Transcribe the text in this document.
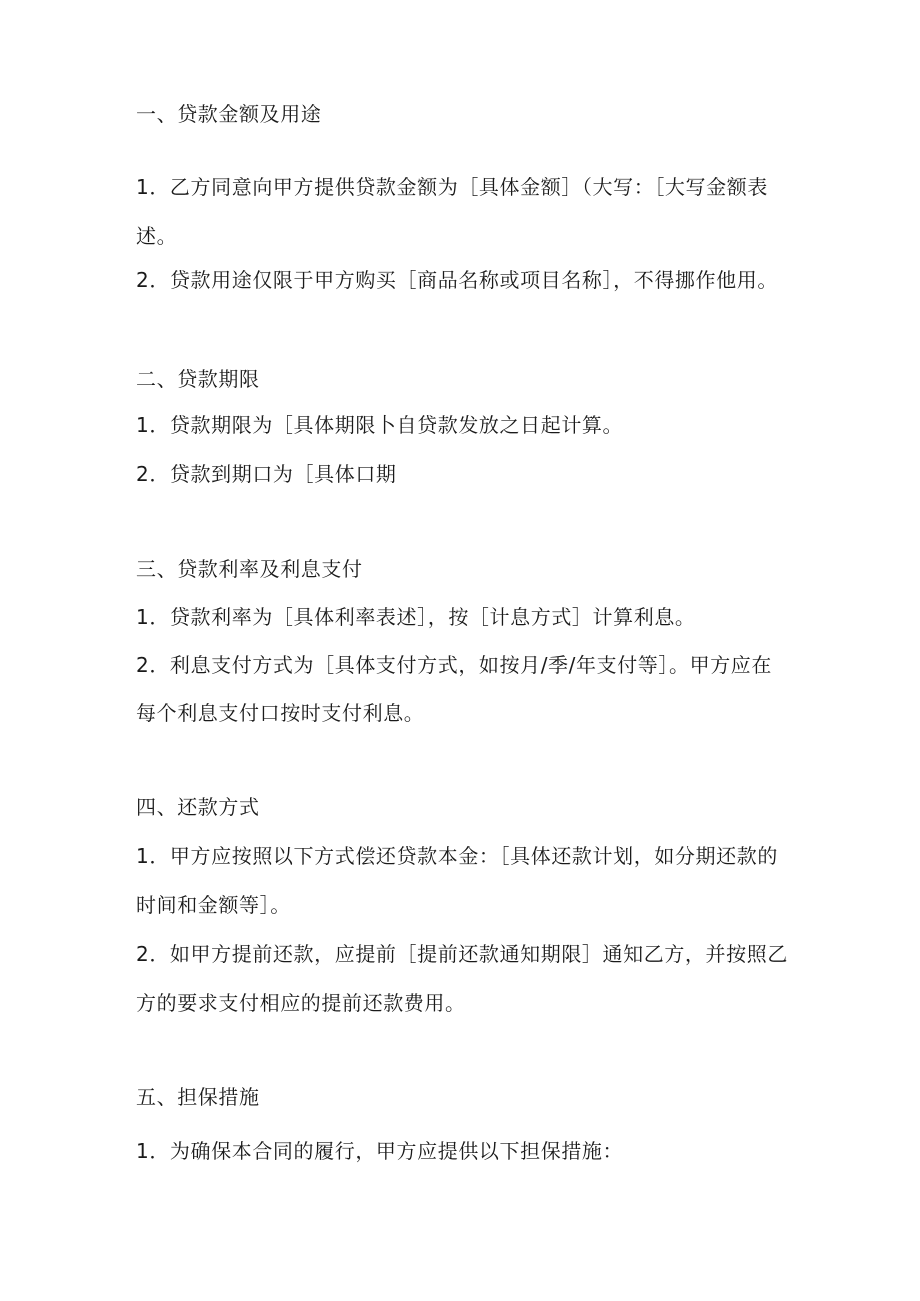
一、贷款金额及用途
1．乙方同意向甲方提供贷款金额为［具体金额］（大写：［大写金额表
述。
2．贷款用途仅限于甲方购买［商品名称或项目名称］，不得挪作他用。
二、贷款期限
1．贷款期限为［具体期限卜自贷款发放之日起计算。
2．贷款到期口为［具体口期
三、贷款利率及利息支付
1．贷款利率为［具体利率表述］，按［计息方式］计算利息。
2．利息支付方式为［具体支付方式，如按月/季/年支付等］。甲方应在
每个利息支付口按时支付利息。
四、还款方式
1．甲方应按照以下方式偿还贷款本金：［具体还款计划，如分期还款的
时间和金额等］。
2．如甲方提前还款，应提前［提前还款通知期限］通知乙方，并按照乙
方的要求支付相应的提前还款费用。
五、担保措施
1．为确保本合同的履行，甲方应提供以下担保措施：
